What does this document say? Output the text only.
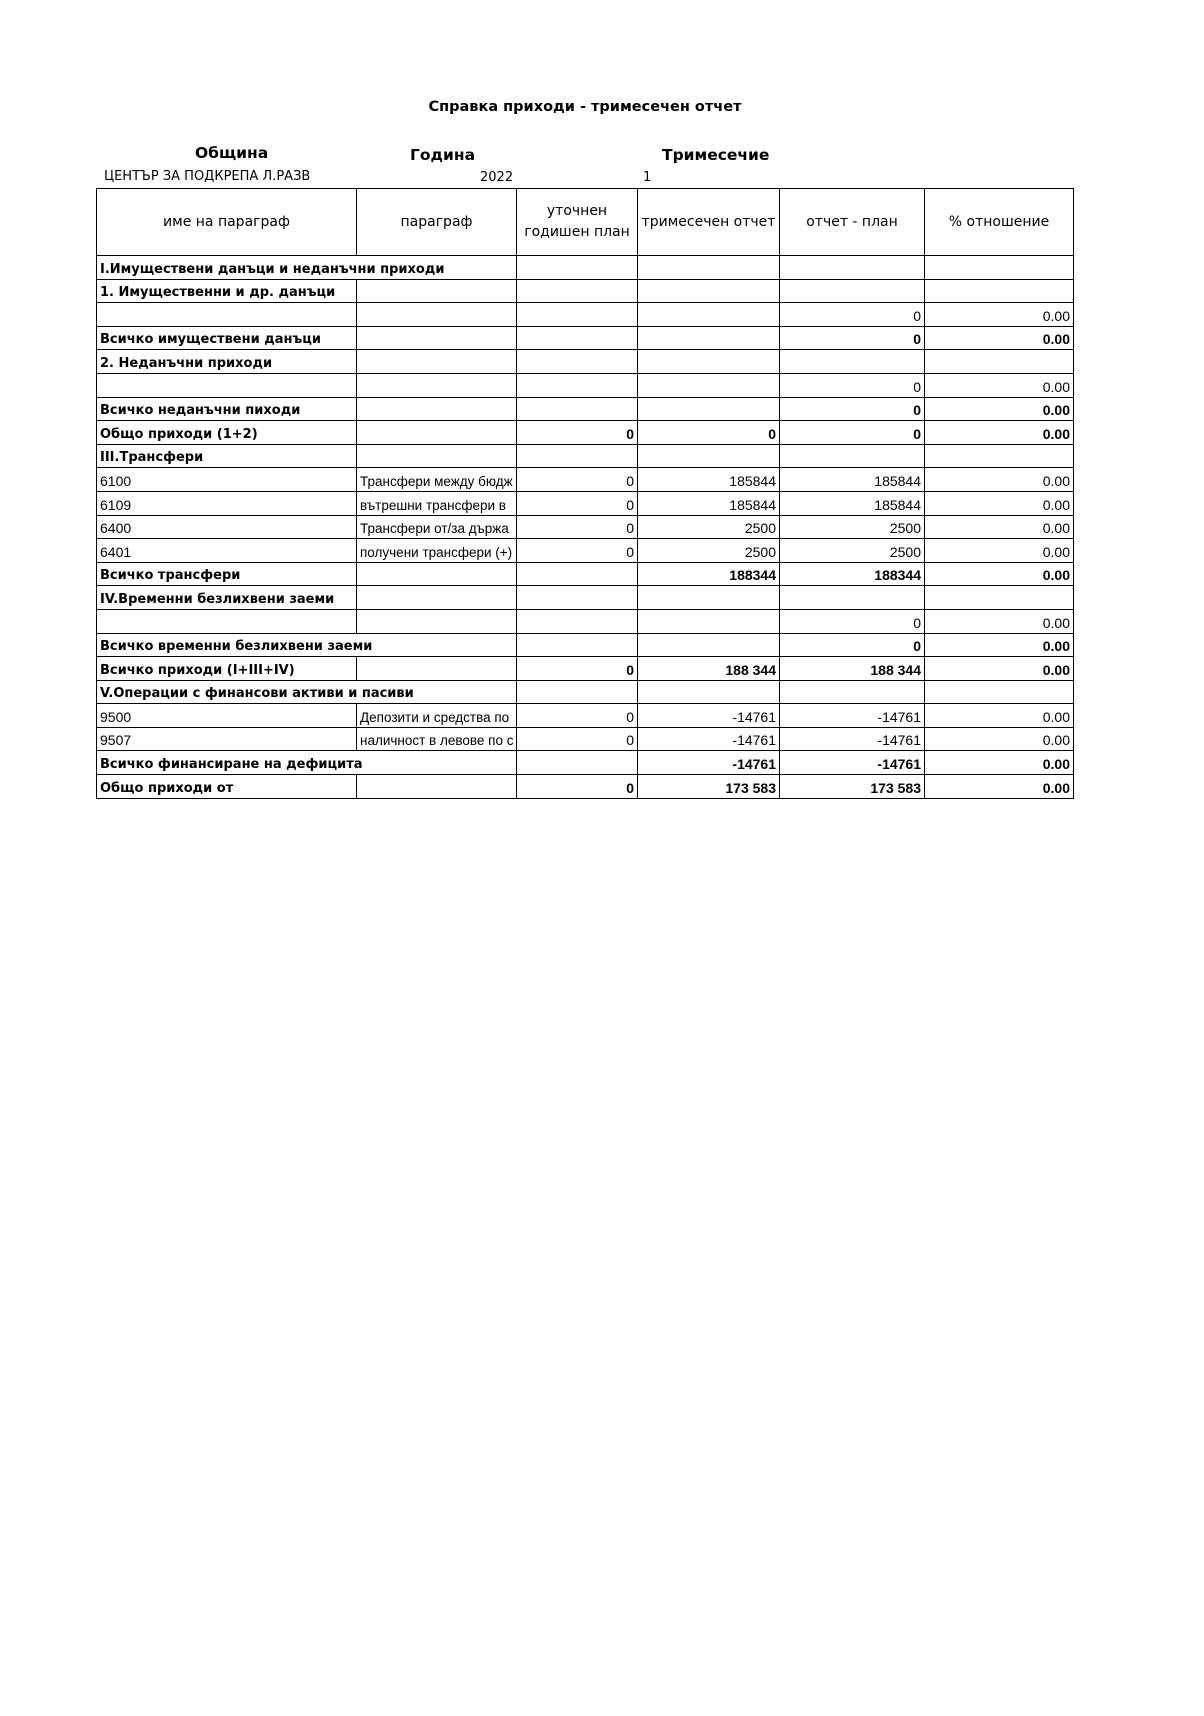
Справка приходи - тримесечен отчет
Община	Година	Тримесечие
ЦЕНТЪР ЗА ПОДКРЕПА Л.РАЗВ	2022	1
име на параграф	параграф	уточнен годишен план	тримесечен отчет	отчет - план	% отношение
I.Имуществени данъци и неданъчни приходи					
1. Имущественни и др. данъци					
				0	0.00
Всичко имуществени данъци				0	0.00
2. Неданъчни приходи					
				0	0.00
Всичко неданъчни пиходи				0	0.00
Общо приходи (1+2)		0	0	0	0.00
III.Трансфери					
6100	Трансфери между бюдж	0	185844	185844	0.00
6109	вътрешни трансфери в	0	185844	185844	0.00
6400	Трансфери от/за държа	0	2500	2500	0.00
6401	получени трансфери (+)	0	2500	2500	0.00
Всичко трансфери			188344	188344	0.00
IV.Временни безлихвени заеми					
				0	0.00
Всичко временни безлихвени заеми				0	0.00
Всичко приходи (I+III+IV)		0	188 344	188 344	0.00
V.Операции с финансови активи и пасиви					
9500	Депозити и средства по	0	-14761	-14761	0.00
9507	наличност в левове по с	0	-14761	-14761	0.00
Всичко финансиране на дефицита			-14761	-14761	0.00
Общо приходи от		0	173 583	173 583	0.00
